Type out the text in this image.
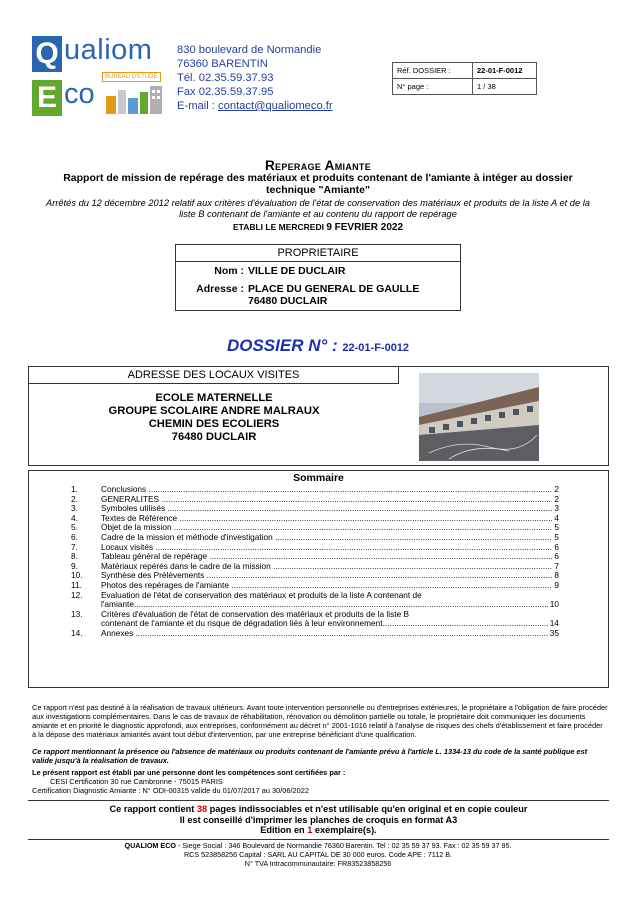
Q ualiom
E co
BUREAU D'ÉTUDE
830 boulevard de Normandie
76360 BARENTIN
Tél. 02.35.59.37.93
Fax 02.35.59.37.95
E-mail : contact@qualiomeco.fr
Réf. DOSSIER :	22-01-F-0012
N° page :	1 / 38
Reperage Amiante
Rapport de mission de repérage des matériaux et produits contenant de l'amiante à intéger au dossier technique "Amiante"
Arrêtés du 12 décembre 2012 relatif aux critères d'évaluation de l'état de conservation des matériaux et produits de la liste A et de la liste B contenant de l'amiante et au contenu du rapport de repérage
ETABLI LE MERCREDI 9 FEVRIER 2022
PROPRIETAIRE
Nom : VILLE DE DUCLAIR
Adresse : PLACE DU GENERAL DE GAULLE
76480 DUCLAIR
DOSSIER N° : 22-01-F-0012
ADRESSE DES LOCAUX VISITES
ECOLE MATERNELLE
GROUPE SCOLAIRE ANDRE MALRAUX
CHEMIN DES ECOLIERS
76480 DUCLAIR
Sommaire
1.	Conclusions .....	2
2.	GENERALITES .....	2
3.	Symboles utilisés .....	3
4.	Textes de Référence .....	4
5.	Objet de la mission .....	5
6.	Cadre de la mission et méthode d'investigation .....	5
7.	Locaux visités .....	6
8.	Tableau général de repérage .....	6
9.	Matériaux repérés dans le cadre de la mission .....	7
10.	Synthèse des Prélèvements .....	8
11.	Photos des repérages de l'amiante .....	9
12.	Evaluation de l'état de conservation des matériaux et produits de la liste A contenant de
l'amiante .....	10
13.	Critères d'évaluation de l'état de conservation des matériaux et produits de la liste B
contenant de l'amiante et du risque de dégradation liés à leur environnement .....	14
14.	Annexes .....	35
Ce rapport n'est pas destiné à la réalisation de travaux ultérieurs. Avant toute intervention personnelle ou d'entreprises extérieures, le propriétaire a l'obligation de faire procéder aux investigations complémentaires. Dans le cas de travaux de réhabilitation, rénovation ou démolition partielle ou totale, le propriétaire doit communiquer les documents amiante et en priorité le diagnostic approfondi, aux entreprises, conformément au décret n° 2001-1016 relatif à l'analyse de risques des chefs d'établissement et faire procéder à la dépose des matériaux amiantés avant tout début d'intervention, par une entreprise bénéficiant d'une qualification.
Ce rapport mentionnant la présence ou l'absence de matériaux ou produits contenant de l'amiante prévu à l'article L. 1334-13 du code de la santé publique est valide jusqu'à la réalisation de travaux.
Le présent rapport est établi par une personne dont les compétences sont certifiées par :
CESI Certification 30 rue Cambronne - 75015 PARIS
Certification Diagnostic Amiante : N° ODI-00315 valide du 01/07/2017 au 30/06/2022
Ce rapport contient 38 pages indissociables et n'est utilisable qu'en original et en copie couleur
Il est conseillé d'imprimer les planches de croquis en format A3
Edition en 1 exemplaire(s).
QUALIOM ECO - Siege Social : 346 Boulevard de Normandie 76360 Barentin. Tel : 02 35 59 37 93. Fax : 02 35 59 37 95.
RCS 523858256 Capital : SARL AU CAPITAL DE 30 000 euros. Code APE : 7112 B.
N° TVA Intracommunautaire: FR83523858256
